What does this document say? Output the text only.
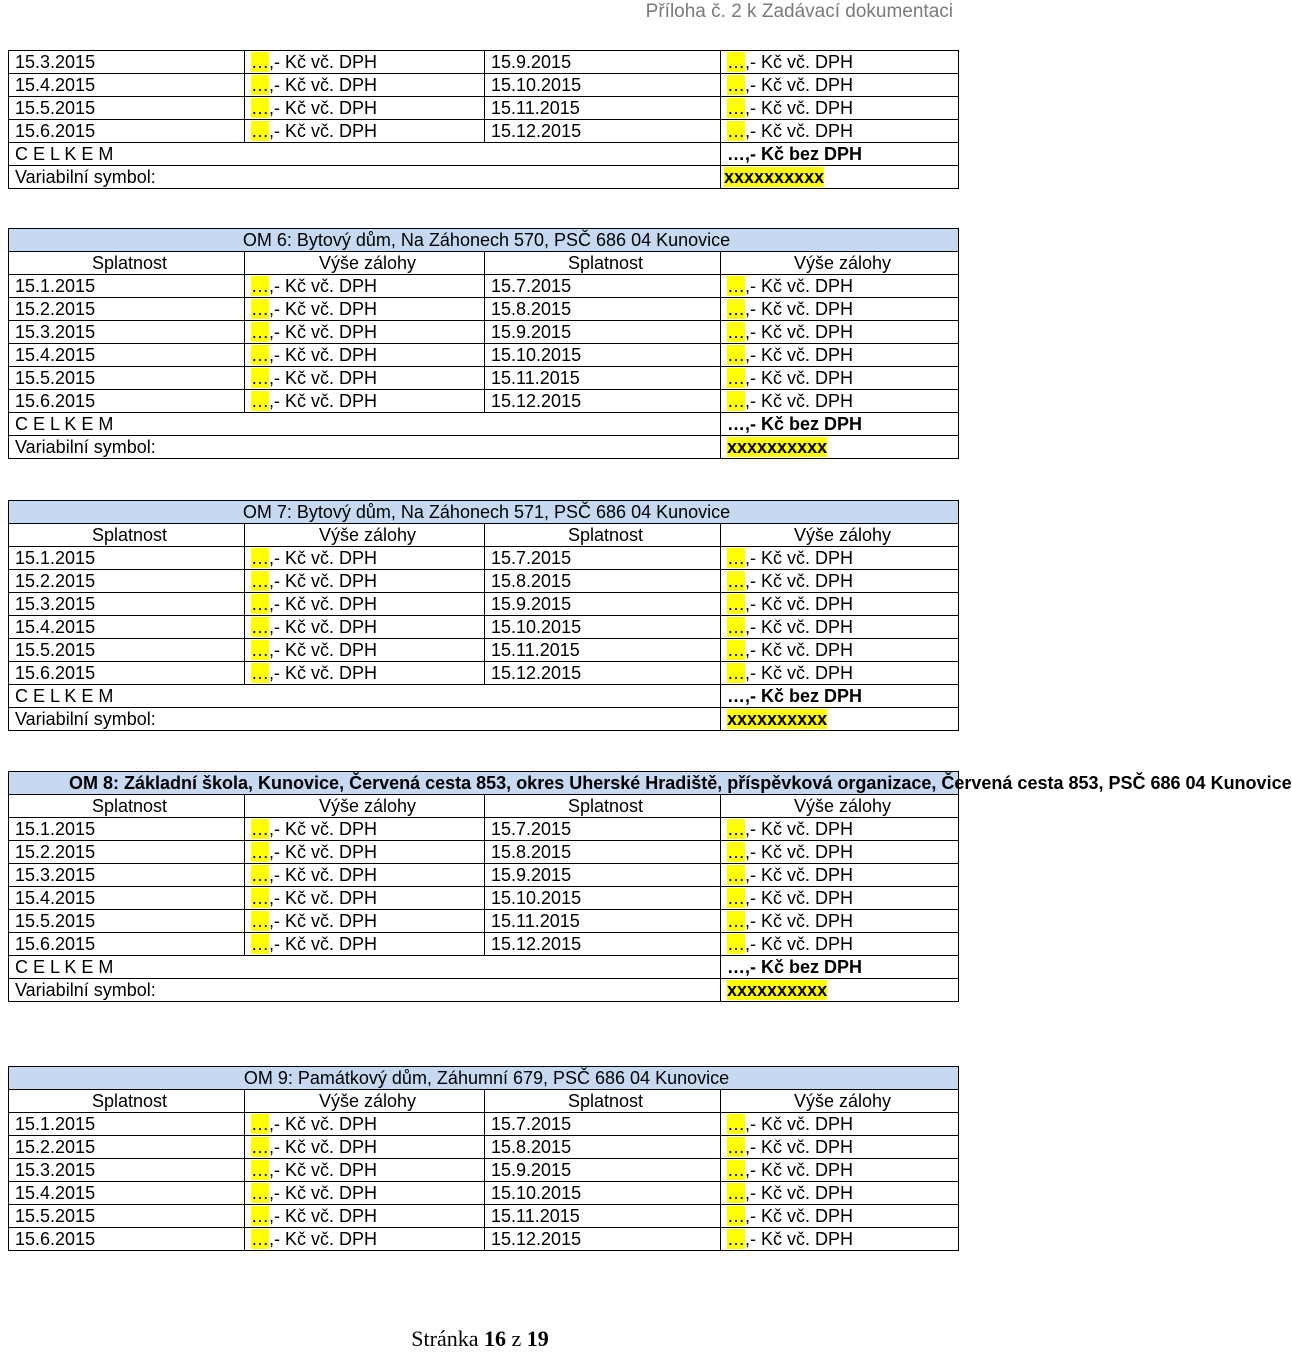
Příloha č. 2 k Zadávací dokumentaci
15.3.2015	…,- Kč vč. DPH	15.9.2015	…,- Kč vč. DPH
15.4.2015	…,- Kč vč. DPH	15.10.2015	…,- Kč vč. DPH
15.5.2015	…,- Kč vč. DPH	15.11.2015	…,- Kč vč. DPH
15.6.2015	…,- Kč vč. DPH	15.12.2015	…,- Kč vč. DPH
C E L K E M			…,- Kč bez DPH
Variabilní symbol:			xxxxxxxxxx
OM 6: Bytový dům, Na Záhonech 570, PSČ 686 04 Kunovice			
Splatnost	Výše zálohy	Splatnost	Výše zálohy
15.1.2015	…,- Kč vč. DPH	15.7.2015	…,- Kč vč. DPH
15.2.2015	…,- Kč vč. DPH	15.8.2015	…,- Kč vč. DPH
15.3.2015	…,- Kč vč. DPH	15.9.2015	…,- Kč vč. DPH
15.4.2015	…,- Kč vč. DPH	15.10.2015	…,- Kč vč. DPH
15.5.2015	…,- Kč vč. DPH	15.11.2015	…,- Kč vč. DPH
15.6.2015	…,- Kč vč. DPH	15.12.2015	…,- Kč vč. DPH
C E L K E M			…,- Kč bez DPH
Variabilní symbol:			xxxxxxxxxx
OM 7: Bytový dům, Na Záhonech 571, PSČ 686 04 Kunovice			
Splatnost	Výše zálohy	Splatnost	Výše zálohy
15.1.2015	…,- Kč vč. DPH	15.7.2015	…,- Kč vč. DPH
15.2.2015	…,- Kč vč. DPH	15.8.2015	…,- Kč vč. DPH
15.3.2015	…,- Kč vč. DPH	15.9.2015	…,- Kč vč. DPH
15.4.2015	…,- Kč vč. DPH	15.10.2015	…,- Kč vč. DPH
15.5.2015	…,- Kč vč. DPH	15.11.2015	…,- Kč vč. DPH
15.6.2015	…,- Kč vč. DPH	15.12.2015	…,- Kč vč. DPH
C E L K E M			…,- Kč bez DPH
Variabilní symbol:			xxxxxxxxxx
OM 8: Základní škola, Kunovice, Červená cesta 853, okres Uherské Hradiště, příspěvková organizace, Červená cesta 853, PSČ 686 04 Kunovice			
Splatnost	Výše zálohy	Splatnost	Výše zálohy
15.1.2015	…,- Kč vč. DPH	15.7.2015	…,- Kč vč. DPH
15.2.2015	…,- Kč vč. DPH	15.8.2015	…,- Kč vč. DPH
15.3.2015	…,- Kč vč. DPH	15.9.2015	…,- Kč vč. DPH
15.4.2015	…,- Kč vč. DPH	15.10.2015	…,- Kč vč. DPH
15.5.2015	…,- Kč vč. DPH	15.11.2015	…,- Kč vč. DPH
15.6.2015	…,- Kč vč. DPH	15.12.2015	…,- Kč vč. DPH
C E L K E M			…,- Kč bez DPH
Variabilní symbol:			xxxxxxxxxx
OM 9: Památkový dům, Záhumní 679, PSČ 686 04 Kunovice			
Splatnost	Výše zálohy	Splatnost	Výše zálohy
15.1.2015	…,- Kč vč. DPH	15.7.2015	…,- Kč vč. DPH
15.2.2015	…,- Kč vč. DPH	15.8.2015	…,- Kč vč. DPH
15.3.2015	…,- Kč vč. DPH	15.9.2015	…,- Kč vč. DPH
15.4.2015	…,- Kč vč. DPH	15.10.2015	…,- Kč vč. DPH
15.5.2015	…,- Kč vč. DPH	15.11.2015	…,- Kč vč. DPH
15.6.2015	…,- Kč vč. DPH	15.12.2015	…,- Kč vč. DPH
Stránka 16 z 19
